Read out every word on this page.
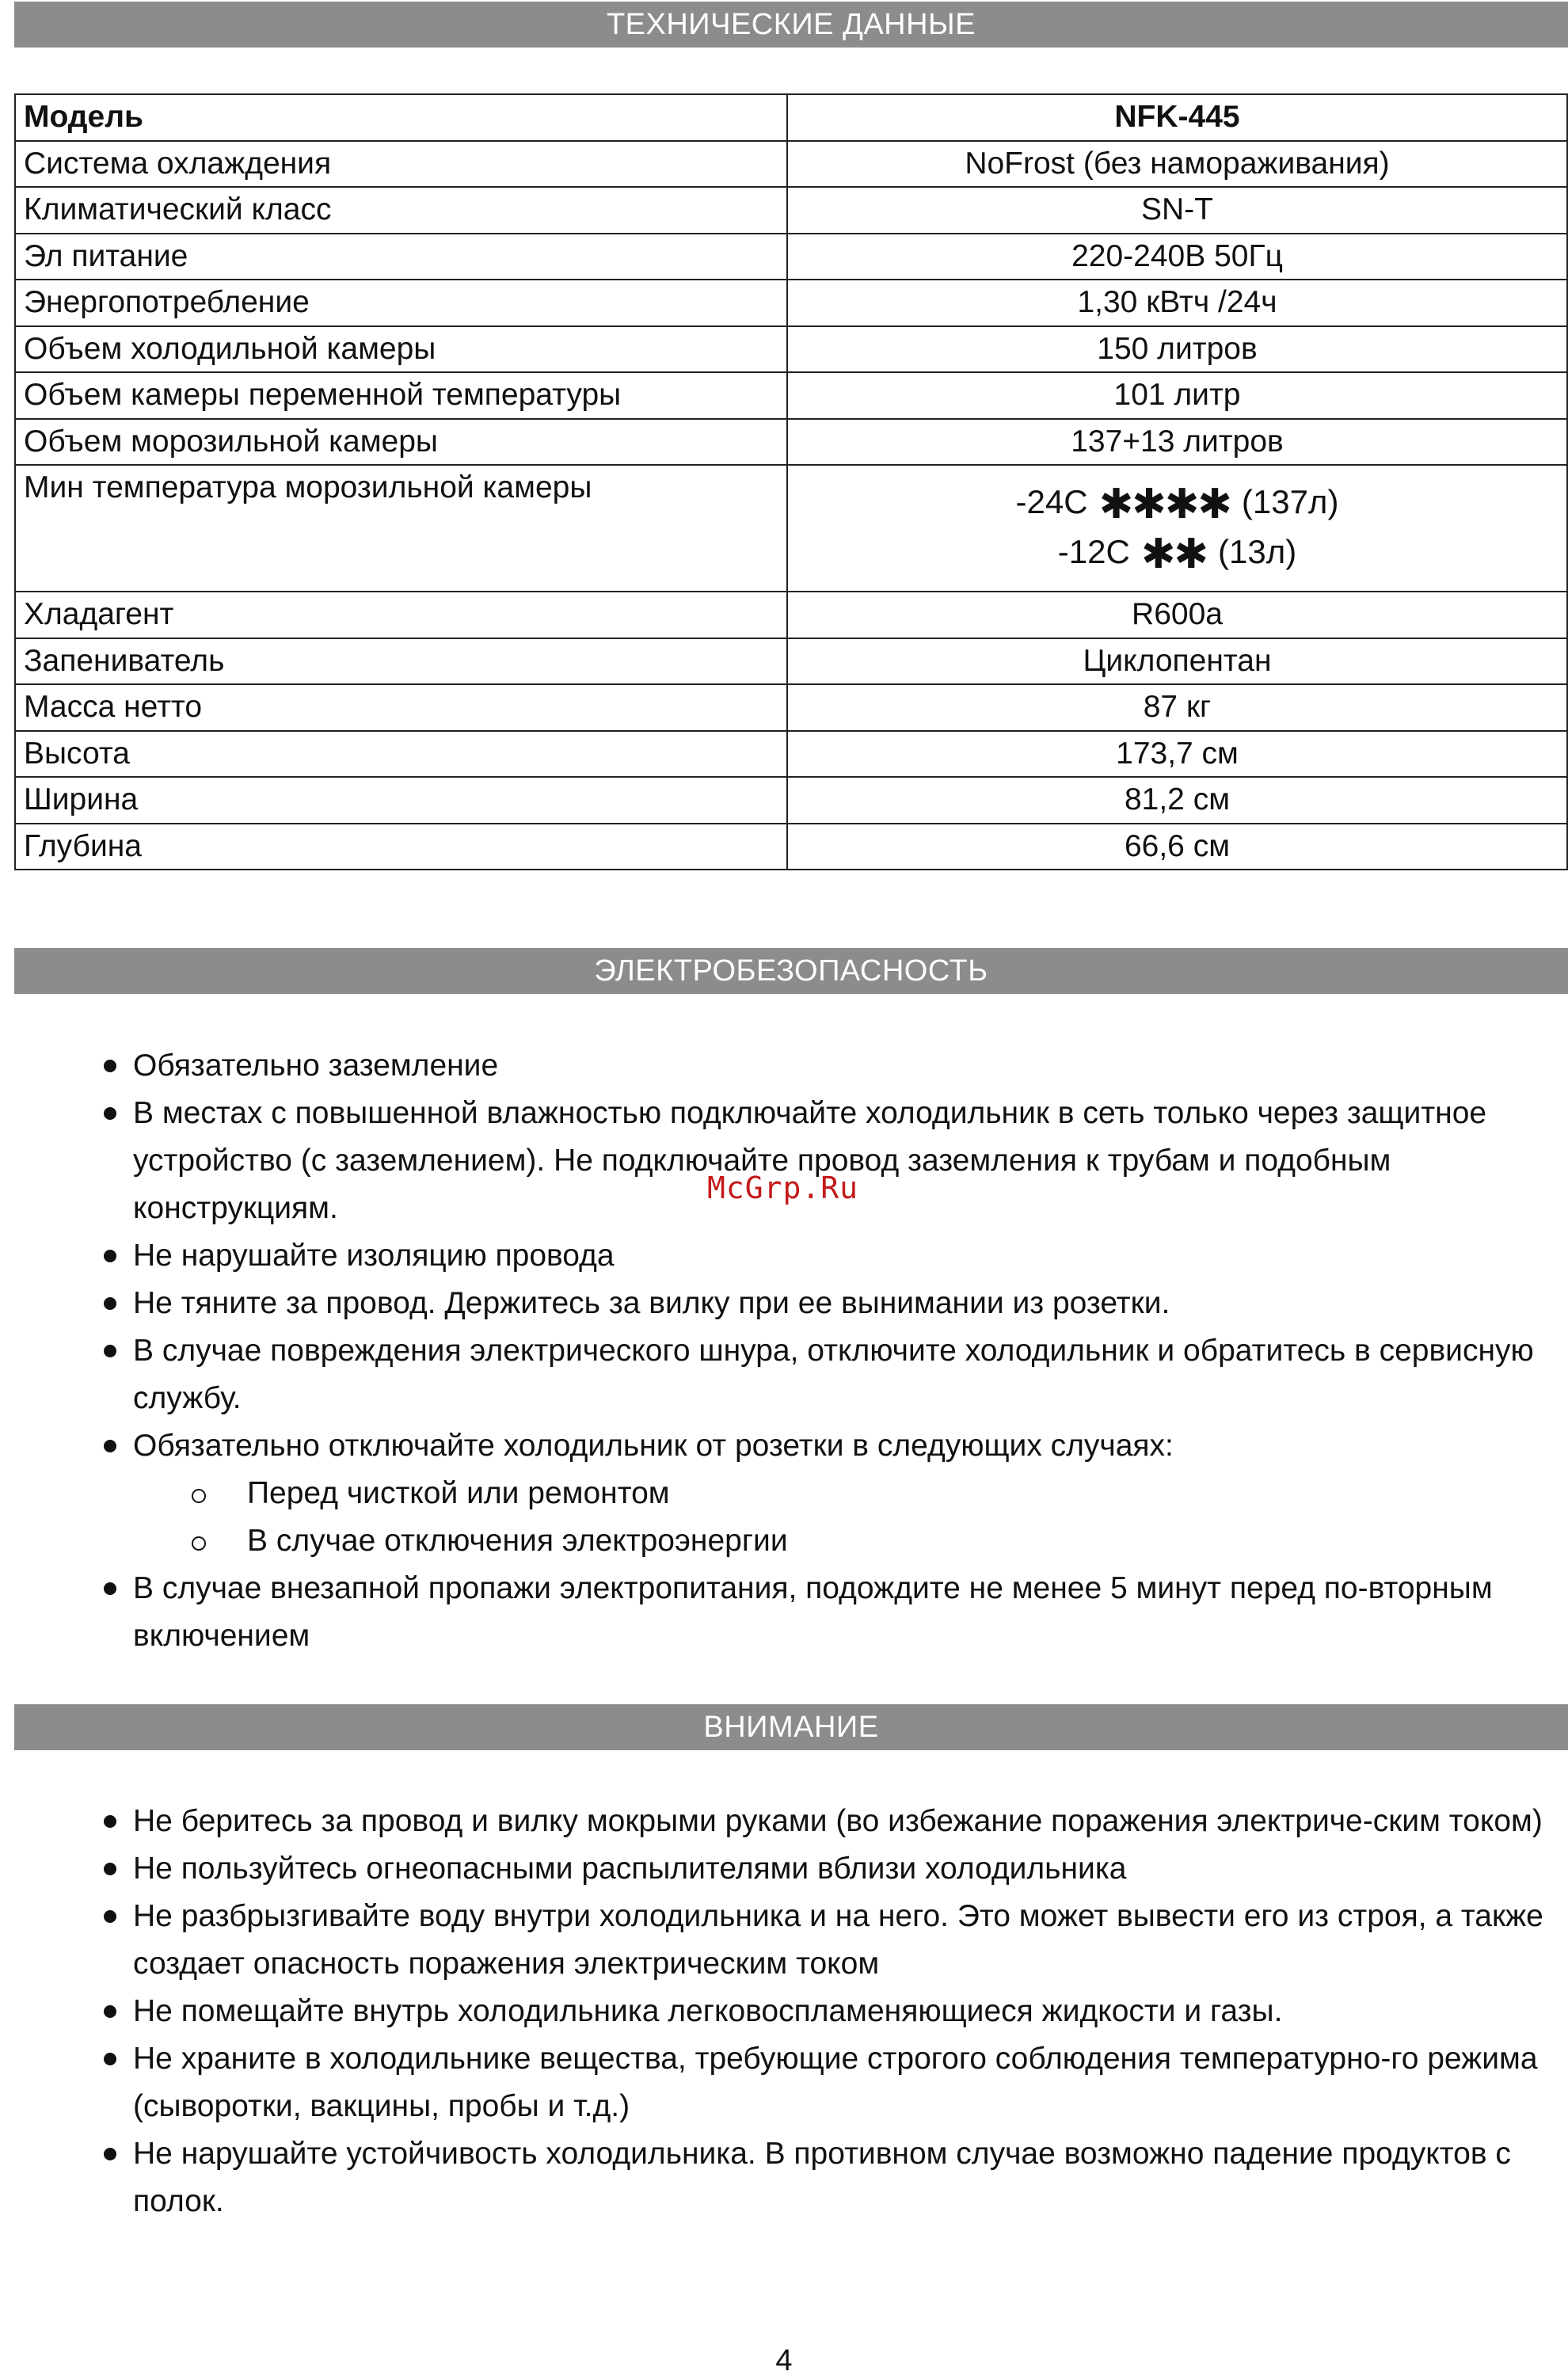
ТЕХНИЧЕСКИЕ ДАННЫЕ
Модель	NFK-445
Система охлаждения	NoFrost (без намораживания)
Климатический класс	SN-T
Эл питание	220-240В 50Гц
Энергопотребление	1,30 кВтч /24ч
Объем холодильной камеры	150 литров
Объем камеры переменной температуры	101 литр
Объем морозильной камеры	137+13 литров
Мин температура морозильной камеры	-24С ✱✱✱✱ (137л)
-12С ✱✱ (13л)

Хладагент	R600a
Запениватель	Циклопентан
Масса нетто	87 кг
Высота	173,7 см
Ширина	81,2 см
Глубина	66,6 см
ЭЛЕКТРОБЕЗОПАСНОСТЬ
Обязательно заземление
В местах с повышенной влажностью подключайте холодильник в сеть только через защитное устройство (с заземлением). Не подключайте провод заземления к трубам и подобным конструкциям.
Не нарушайте изоляцию провода
Не тяните за провод. Держитесь за вилку при ее вынимании из розетки.
В случае повреждения электрического шнура, отключите холодильник и обратитесь в сервисную службу.
Обязательно отключайте холодильник от розетки в следующих случаях:
Перед чисткой или ремонтом
В случае отключения электроэнергии
В случае внезапной пропажи электропитания, подождите не менее 5 минут перед по-вторным включением
ВНИМАНИЕ
Не беритесь за провод и вилку мокрыми руками (во избежание поражения электриче-ским током)
Не пользуйтесь огнеопасными распылителями вблизи холодильника
Не разбрызгивайте воду внутри холодильника и на него. Это может вывести его из строя, а также создает опасность поражения электрическим током
Не помещайте внутрь холодильника легковоспламеняющиеся жидкости и газы.
Не храните в холодильнике вещества, требующие строгого соблюдения температурно-го режима (сыворотки, вакцины, пробы и т.д.)
Не нарушайте устойчивость холодильника. В противном случае возможно падение продуктов с полок.
McGrp.Ru
4
